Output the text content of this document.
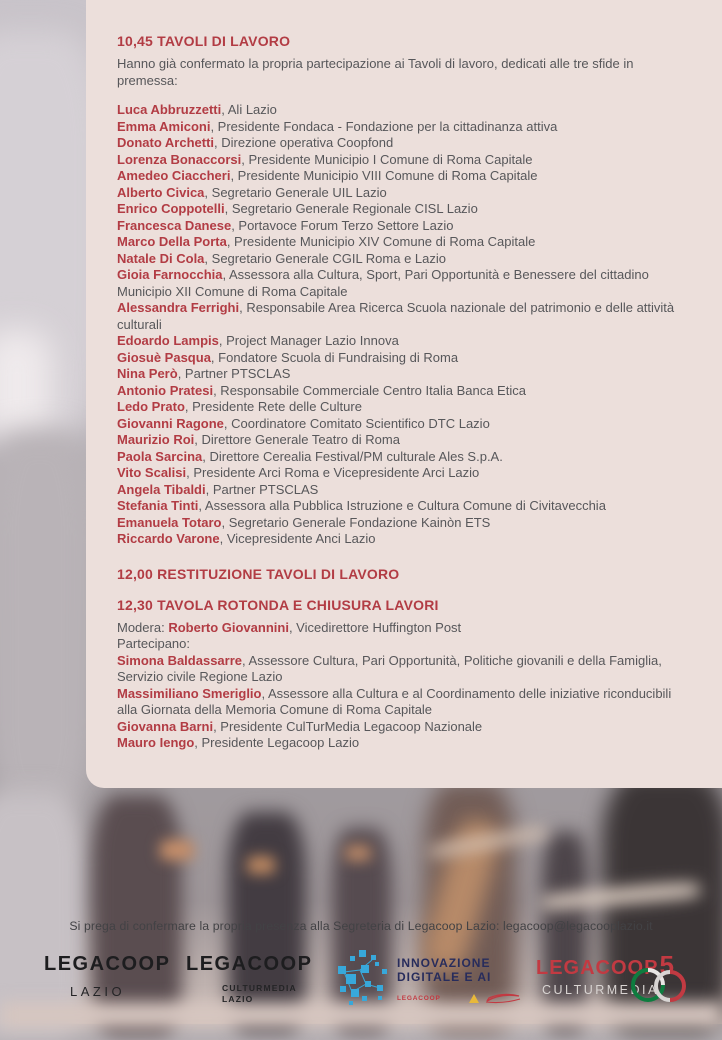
10,45 TAVOLI DI LAVORO

Hanno già confermato la propria partecipazione ai Tavoli di lavoro, dedicati alle tre sfide in premessa:

Luca Abbruzzetti, Ali Lazio

Emma Amiconi, Presidente Fondaca - Fondazione per la cittadinanza attiva

Donato Archetti, Direzione operativa Coopfond

Lorenza Bonaccorsi, Presidente Municipio I Comune di Roma Capitale

Amedeo Ciaccheri, Presidente Municipio VIII Comune di Roma Capitale

Alberto Civica, Segretario Generale UIL Lazio

Enrico Coppotelli, Segretario Generale Regionale CISL Lazio

Francesca Danese, Portavoce Forum Terzo Settore Lazio

Marco Della Porta, Presidente Municipio XIV Comune di Roma Capitale

Natale Di Cola, Segretario Generale CGIL Roma e Lazio

Gioia Farnocchia, Assessora alla Cultura, Sport, Pari Opportunità e Benessere del cittadino Municipio XII Comune di Roma Capitale

Alessandra Ferrighi, Responsabile Area Ricerca Scuola nazionale del patrimonio e delle attività culturali

Edoardo Lampis, Project Manager Lazio Innova

Giosuè Pasqua, Fondatore Scuola di Fundraising di Roma

Nina Però, Partner PTSCLAS

Antonio Pratesi, Responsabile Commerciale Centro Italia Banca Etica

Ledo Prato, Presidente Rete delle Culture

Giovanni Ragone, Coordinatore Comitato Scientifico DTC Lazio

Maurizio Roi, Direttore Generale Teatro di Roma

Paola Sarcina, Direttore Cerealia Festival/PM culturale Ales S.p.A.

Vito Scalisi, Presidente Arci Roma e Vicepresidente Arci Lazio

Angela Tibaldi, Partner PTSCLAS

Stefania Tinti, Assessora alla Pubblica Istruzione e Cultura Comune di Civitavecchia

Emanuela Totaro, Segretario Generale Fondazione Kainòn ETS

Riccardo Varone, Vicepresidente Anci Lazio

12,00 RESTITUZIONE TAVOLI DI LAVORO

12,30 TAVOLA ROTONDA E CHIUSURA LAVORI

Modera: Roberto Giovannini, Vicedirettore Huffington Post

Partecipano:

Simona Baldassarre, Assessore Cultura, Pari Opportunità, Politiche giovanili e della Famiglia, Servizio civile Regione Lazio

Massimiliano Smeriglio, Assessore alla Cultura e al Coordinamento delle iniziative riconducibili alla Giornata della Memoria Comune di Roma Capitale

Giovanna Barni, Presidente CulTurMedia Legacoop Nazionale

Mauro Iengo, Presidente Legacoop Lazio

Si prega di confermare la propria presenza alla Segreteria di Legacoop Lazio: legacoop@legacooplazio.it
LEGACOOP
LAZIO
LEGACOOP
CULTURMEDIA
LAZIO
INNOVAZIONE
DIGITALE E AI
LEGACOOP
LEGACOOP5
CULTURMEDIA
